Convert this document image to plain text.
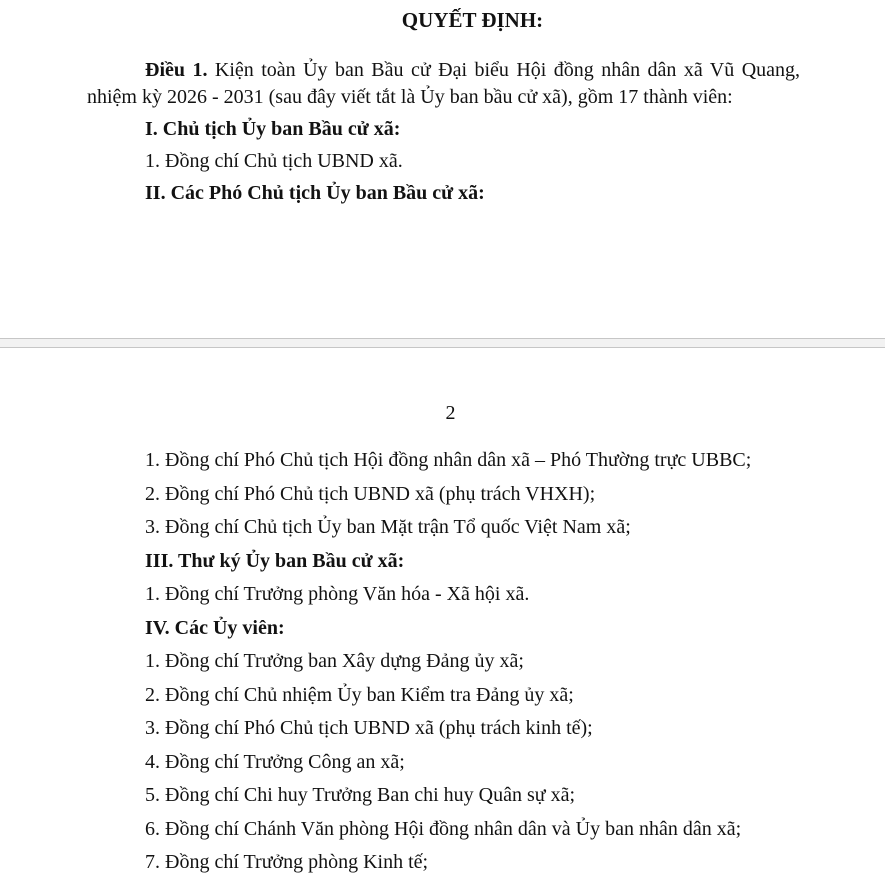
QUYẾT ĐỊNH:

Điều 1. Kiện toàn Ủy ban Bầu cử Đại biểu Hội đồng nhân dân xã Vũ Quang, nhiệm kỳ 2026 - 2031 (sau đây viết tắt là Ủy ban bầu cử xã), gồm 17 thành viên:

I. Chủ tịch Ủy ban Bầu cử xã:
1. Đồng chí Chủ tịch UBND xã.
II. Các Phó Chủ tịch Ủy ban Bầu cử xã:
2
1. Đồng chí Phó Chủ tịch Hội đồng nhân dân xã – Phó Thường trực UBBC;
2. Đồng chí Phó Chủ tịch UBND xã (phụ trách VHXH);
3. Đồng chí Chủ tịch Ủy ban Mặt trận Tổ quốc Việt Nam xã;
III. Thư ký Ủy ban Bầu cử xã:
1. Đồng chí Trưởng phòng Văn hóa - Xã hội xã.
IV. Các Ủy viên:
1. Đồng chí Trưởng ban Xây dựng Đảng ủy xã;
2. Đồng chí Chủ nhiệm Ủy ban Kiểm tra Đảng ủy xã;
3. Đồng chí Phó Chủ tịch UBND xã (phụ trách kinh tế);
4. Đồng chí Trưởng Công an xã;
5. Đồng chí Chi huy Trưởng Ban chi huy Quân sự xã;
6. Đồng chí Chánh Văn phòng Hội đồng nhân dân và Ủy ban nhân dân xã;
7. Đồng chí Trưởng phòng Kinh tế;
